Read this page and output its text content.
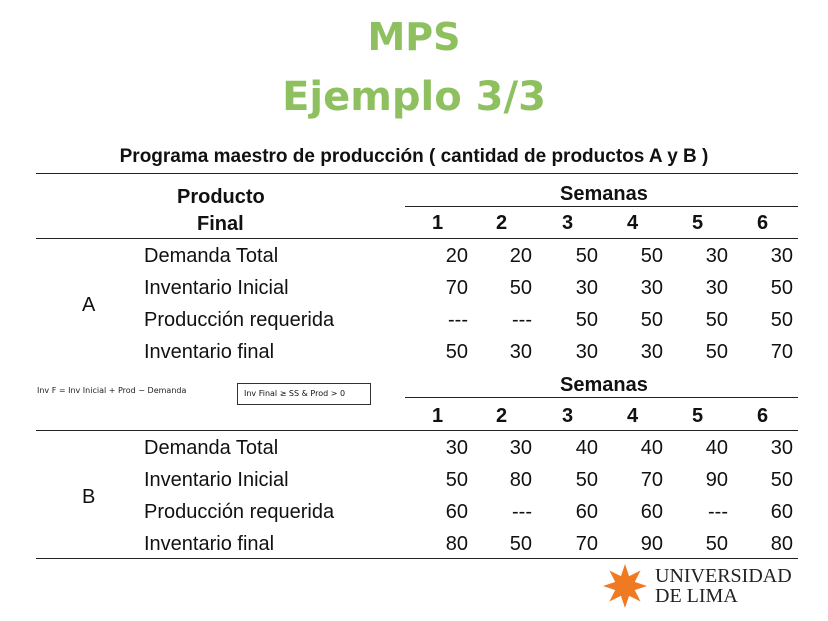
MPS
Ejemplo 3/3
Programa maestro de producción ( cantidad de productos A y B )
Producto
Final
Semanas
1	2	3	4	5	6
A
Demanda Total	20	20	50	50	30	30
Inventario Inicial	70	50	30	30	30	50
Producción requerida	---	---	50	50	50	50
Inventario final	50	30	30	30	50	70
Inv F = Inv Inicial + Prod − Demanda	Inv Final ≥ SS & Prod > 0	Semanas
1	2	3	4	5	6
B
Demanda Total	30	30	40	40	40	30
Inventario Inicial	50	80	50	70	90	50
Producción requerida	60	---	60	60	---	60
Inventario final	80	50	70	90	50	80
UNIVERSIDAD
DE LIMA
